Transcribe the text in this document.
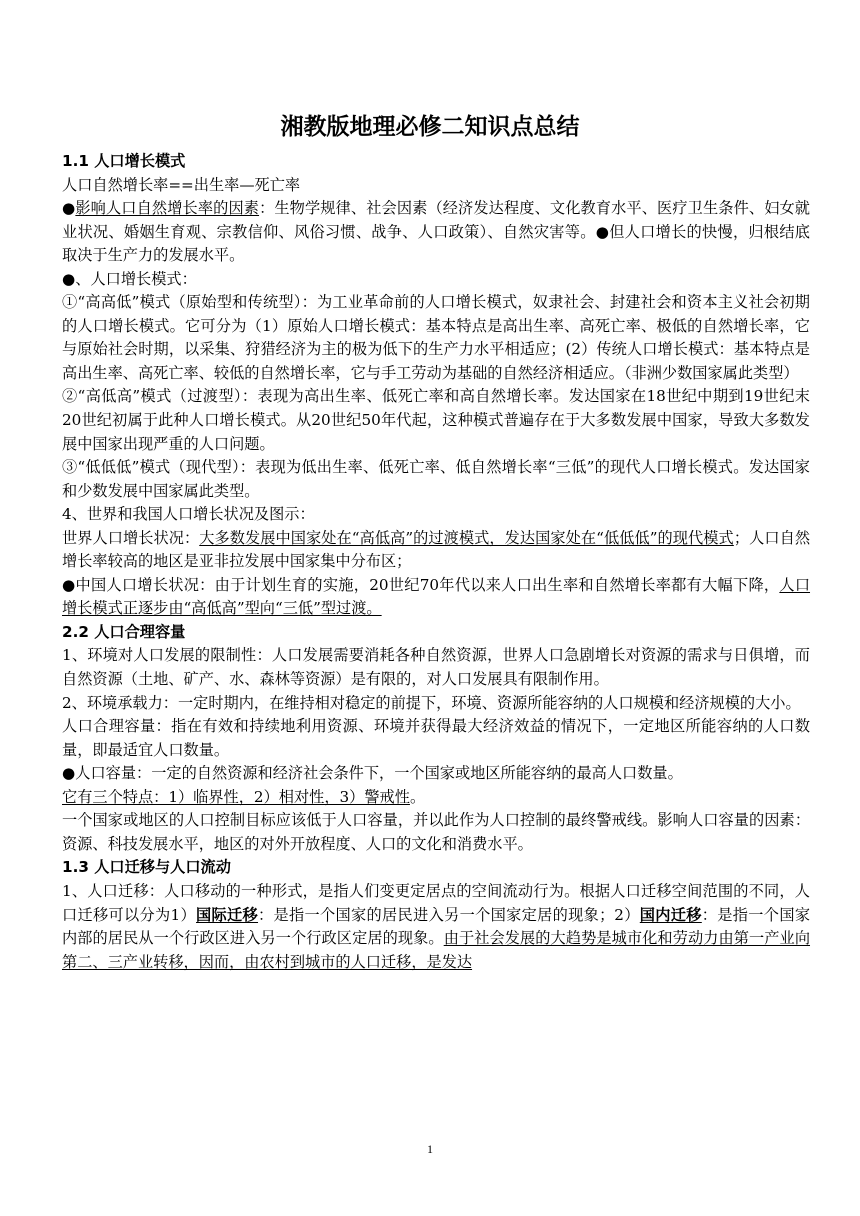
湘教版地理必修二知识点总结
1.1 人口增长模式

人口自然增长率==出生率—死亡率

●影响人口自然增长率的因素：生物学规律、社会因素（经济发达程度、文化教育水平、医疗卫生条件、妇女就业状况、婚姻生育观、宗教信仰、风俗习惯、战争、人口政策）、自然灾害等。●但人口增长的快慢，归根结底取决于生产力的发展水平。

●、人口增长模式：

①“高高低”模式（原始型和传统型）：为工业革命前的人口增长模式，奴隶社会、封建社会和资本主义社会初期的人口增长模式。它可分为（1）原始人口增长模式：基本特点是高出生率、高死亡率、极低的自然增长率，它与原始社会时期，以采集、狩猎经济为主的极为低下的生产力水平相适应；(2）传统人口增长模式：基本特点是高出生率、高死亡率、较低的自然增长率，它与手工劳动为基础的自然经济相适应。（非洲少数国家属此类型）

②“高低高”模式（过渡型）：表现为高出生率、低死亡率和高自然增长率。发达国家在18世纪中期到19世纪末20世纪初属于此种人口增长模式。从20世纪50年代起，这种模式普遍存在于大多数发展中国家，导致大多数发展中国家出现严重的人口问题。

③“低低低”模式（现代型）：表现为低出生率、低死亡率、低自然增长率“三低”的现代人口增长模式。发达国家和少数发展中国家属此类型。

4、世界和我国人口增长状况及图示：

世界人口增长状况：大多数发展中国家处在“高低高”的过渡模式，发达国家处在“低低低”的现代模式；人口自然增长率较高的地区是亚非拉发展中国家集中分布区；

●中国人口增长状况：由于计划生育的实施，20世纪70年代以来人口出生率和自然增长率都有大幅下降，人口增长模式正逐步由“高低高”型向“三低”型过渡。

2.2 人口合理容量

1、环境对人口发展的限制性：人口发展需要消耗各种自然资源，世界人口急剧增长对资源的需求与日俱增，而自然资源（土地、矿产、水、森林等资源）是有限的，对人口发展具有限制作用。

2、环境承载力：一定时期内，在维持相对稳定的前提下，环境、资源所能容纳的人口规模和经济规模的大小。

人口合理容量：指在有效和持续地利用资源、环境并获得最大经济效益的情况下，一定地区所能容纳的人口数量，即最适宜人口数量。

●人口容量：一定的自然资源和经济社会条件下，一个国家或地区所能容纳的最高人口数量。

它有三个特点：1）临界性，2）相对性，3）警戒性。

一个国家或地区的人口控制目标应该低于人口容量，并以此作为人口控制的最终警戒线。影响人口容量的因素：资源、科技发展水平，地区的对外开放程度、人口的文化和消费水平。

1.3 人口迁移与人口流动

1、人口迁移：人口移动的一种形式，是指人们变更定居点的空间流动行为。根据人口迁移空间范围的不同，人口迁移可以分为1）国际迁移：是指一个国家的居民进入另一个国家定居的现象；2）国内迁移：是指一个国家内部的居民从一个行政区进入另一个行政区定居的现象。由于社会发展的大趋势是城市化和劳动力由第一产业向第二、三产业转移，因而，由农村到城市的人口迁移，是发达

1
